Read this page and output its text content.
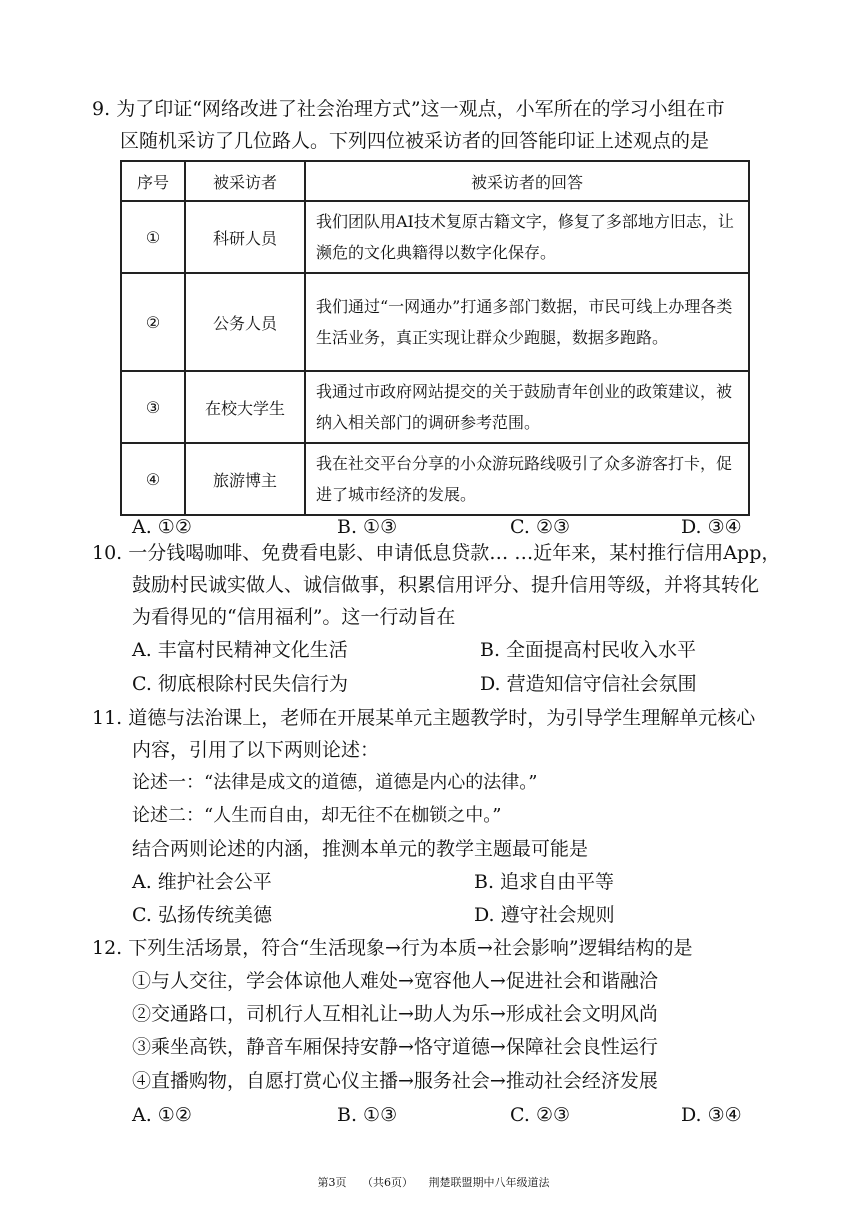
9. 为了印证“网络改进了社会治理方式”这一观点，小军所在的学习小组在市
区随机采访了几位路人。下列四位被采访者的回答能印证上述观点的是
序号	被采访者	被采访者的回答
①	科研人员	我们团队用AI技术复原古籍文字，修复了多部地方旧志，让濒危的文化典籍得以数字化保存。
②	公务人员	我们通过“一网通办”打通多部门数据，市民可线上办理各类生活业务，真正实现让群众少跑腿，数据多跑路。
③	在校大学生	我通过市政府网站提交的关于鼓励青年创业的政策建议，被纳入相关部门的调研参考范围。
④	旅游博主	我在社交平台分享的小众游玩路线吸引了众多游客打卡，促进了城市经济的发展。
A. ①②	B. ①③	C. ②③	D. ③④
10. 一分钱喝咖啡、免费看电影、申请低息贷款… …近年来，某村推行信用App，
鼓励村民诚实做人、诚信做事，积累信用评分、提升信用等级，并将其转化
为看得见的“信用福利”。这一行动旨在
A. 丰富村民精神文化生活	B. 全面提高村民收入水平
C. 彻底根除村民失信行为	D. 营造知信守信社会氛围
11. 道德与法治课上，老师在开展某单元主题教学时，为引导学生理解单元核心
内容，引用了以下两则论述：
论述一：“法律是成文的道德，道德是内心的法律。”
论述二：“人生而自由，却无往不在枷锁之中。”
结合两则论述的内涵，推测本单元的教学主题最可能是
A. 维护社会公平	B. 追求自由平等
C. 弘扬传统美德	D. 遵守社会规则
12. 下列生活场景，符合“生活现象→行为本质→社会影响”逻辑结构的是
①与人交往，学会体谅他人难处→宽容他人→促进社会和谐融洽
②交通路口，司机行人互相礼让→助人为乐→形成社会文明风尚
③乘坐高铁，静音车厢保持安静→恪守道德→保障社会良性运行
④直播购物，自愿打赏心仪主播→服务社会→推动社会经济发展
A. ①②	B. ①③	C. ②③	D. ③④
第3页 （共6页） 荆楚联盟期中八年级道法
